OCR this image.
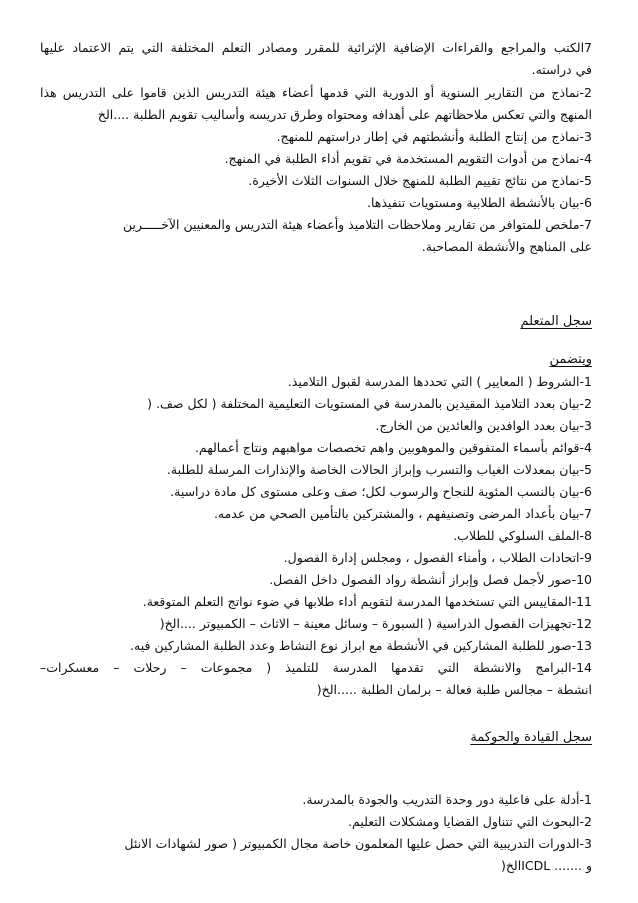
7الكتب والمراجع والقراءات الإضافية الإثرائية للمقرر ومصادر التعلم المختلفة التي يتم الاعتماد عليها
في دراسته.
2-نماذج من التقارير السنوية أو الدورية التي قدمها أعضاء هيئة التدريس الذين قاموا على التدريس هذا
المنهج والتي تعكس ملاحظاتهم على أهدافه ومحتواه وطرق تدريسه وأساليب تقويم الطلبة ....الخ
3-نماذج من إنتاج الطلبة وأنشطتهم في إطار دراستهم للمنهج.
4-نماذج من أدوات التقويم المستخدمة في تقويم أداء الطلبة في المنهج.
5-نماذج من نتائج تقييم الطلبة للمنهج خلال السنوات الثلاث الأخيرة.
6-بيان بالأنشطة الطلابية ومستويات تنفيذها.
7-ملخص للمتوافر من تقارير وملاحظات التلاميذ وأعضاء هيئة التدريس والمعنيين الآخـــــرين
على المناهج والأنشطة المصاحبة.
سجل المتعلم
ويتضمن
1-الشروط ( المعايير ) التي تحددها المدرسة لقبول التلاميذ.
2-بيان بعدد التلاميذ المقيدين بالمدرسة في المستويات التعليمية المختلفة ( لكل صف. (
3-بيان بعدد الوافدين والعائدين من الخارج.
4-قوائم بأسماء المتفوقين والموهوبين واهم تخصصات مواهبهم ونتاج أعمالهم.
5-بيان بمعدلات الغياب والتسرب وإبراز الحالات الخاصة والإنذارات المرسلة للطلبة.
6-بيان بالنسب المئوية للنجاح والرسوب لكل؛ صف وعلى مستوى كل مادة دراسية.
7-بيان بأعداد المرضى وتصنيفهم ، والمشتركين بالتأمين الصحي من عدمه.
8-الملف السلوكي للطلاب.
9-اتحادات الطلاب ، وأمناء الفصول ، ومجلس إدارة الفصول.
10-صور لأجمل فصل وإبراز أنشطة رواد الفصول داخل الفصل.
11-المقاييس التي تستخدمها المدرسة لتقويم أداء طلابها في ضوء نواتج التعلم المتوقعة.
12-تجهيزات الفصول الدراسية ( السبورة – وسائل معينة – الاثاث – الكمبيوتر ....الخ(
13-صور للطلبة المشاركين في الأنشطة مع ابراز نوع النشاط وعدد الطلبة المشاركين فيه.
14-البرامج والانشطة التي تقدمها المدرسة للتلميذ ( مجموعات – رحلات – معسكرات–
انشطة – مجالس طلبة فعالة – برلمان الطلبة .....الخ(
سجل القيادة والحوكمة
1-أدلة على فاعلية دور وحدة التدريب والجودة بالمدرسة.
2-البحوث التي تتناول القضايا ومشكلات التعليم.
3-الدورات التدريبية التي حصل عليها المعلمون خاصة مجال الكمبيوتر ( صور لشهادات الانئل
و ....... ICDLالخ(
